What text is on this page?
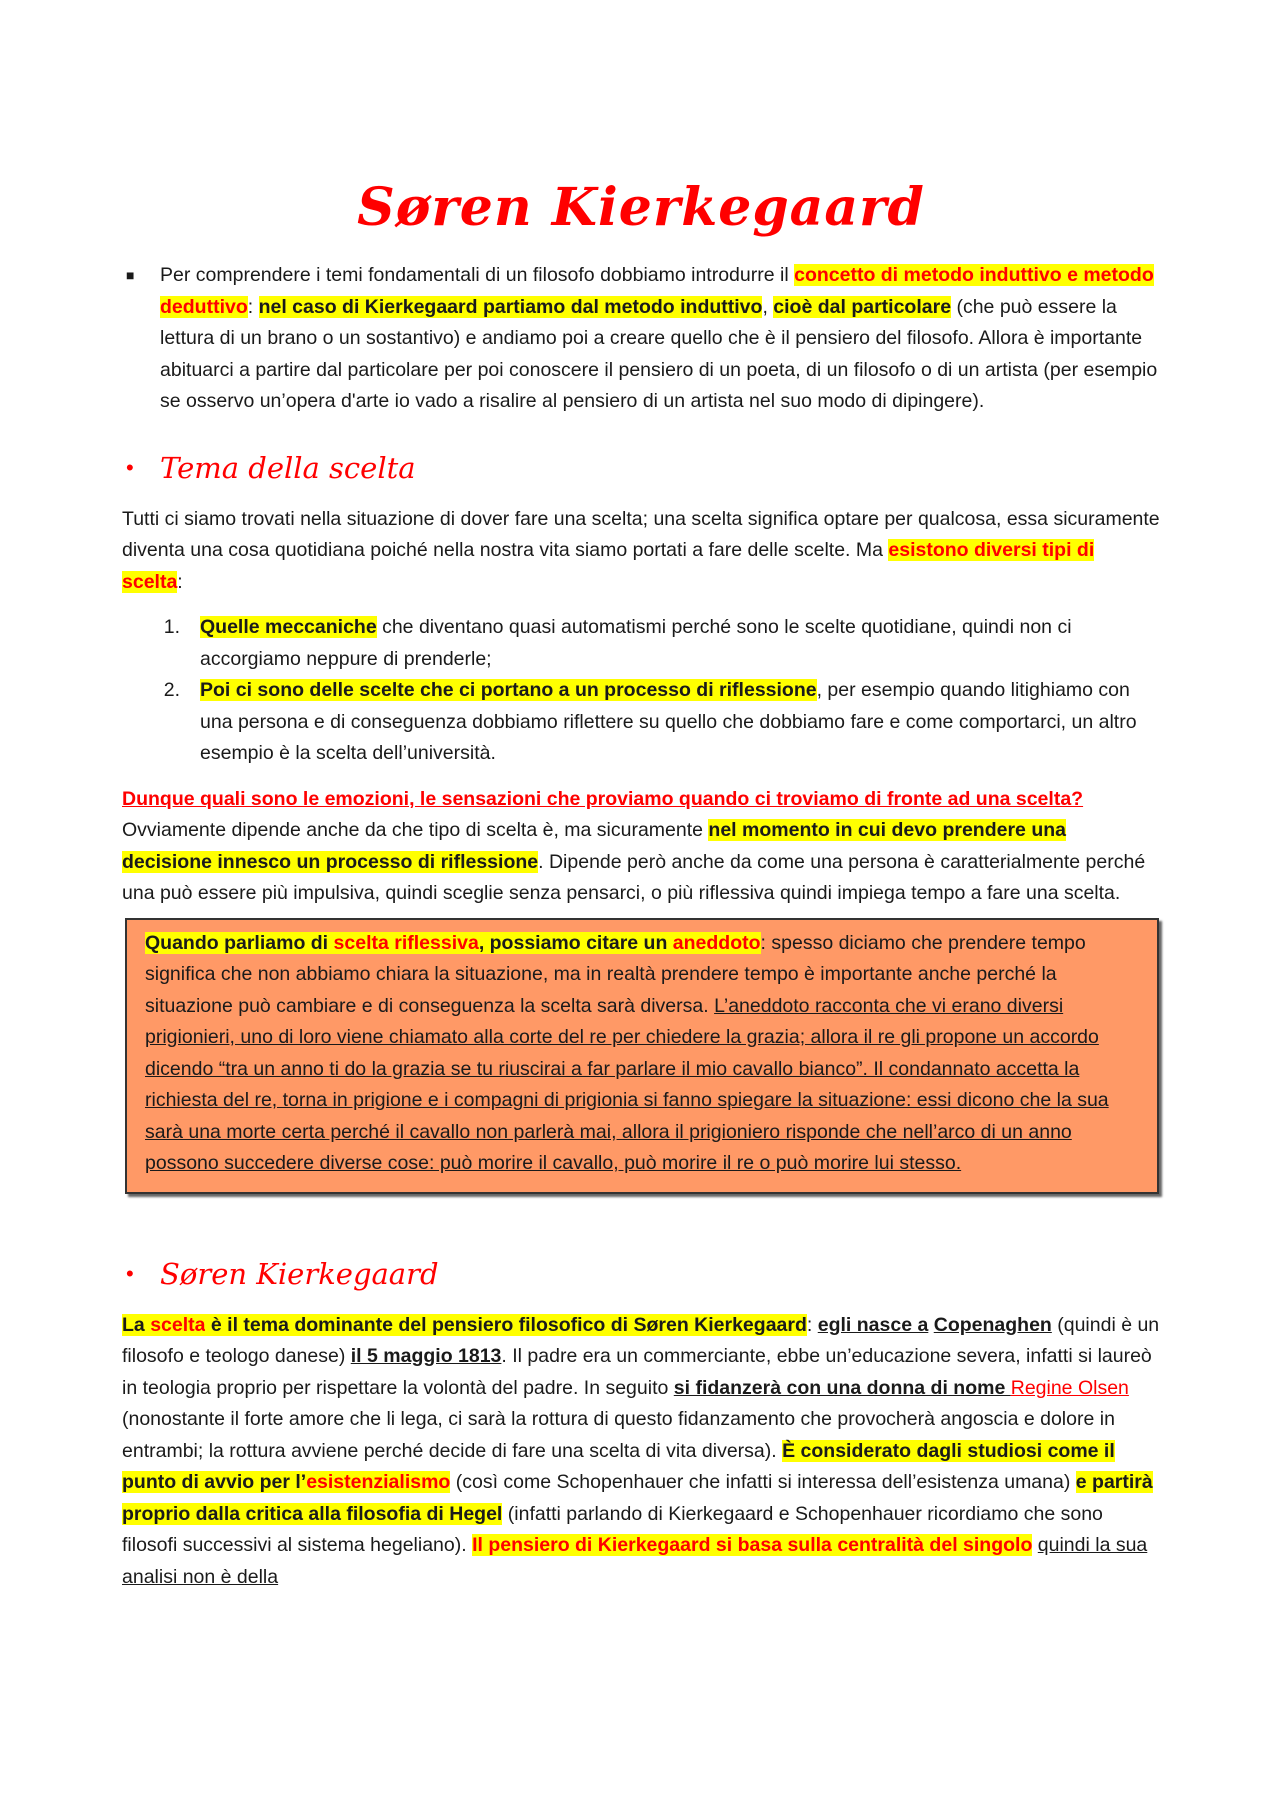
Søren Kierkegaard
■	Per comprendere i temi fondamentali di un filosofo dobbiamo introdurre il concetto di metodo induttivo e metodo deduttivo: nel caso di Kierkegaard partiamo dal metodo induttivo, cioè dal particolare (che può essere la lettura di un brano o un sostantivo) e andiamo poi a creare quello che è il pensiero del filosofo. Allora è importante abituarci a partire dal particolare per poi conoscere il pensiero di un poeta, di un filosofo o di un artista (per esempio se osservo un’opera d'arte io vado a risalire al pensiero di un artista nel suo modo di dipingere).

• Tema della scelta

Tutti ci siamo trovati nella situazione di dover fare una scelta; una scelta significa optare per qualcosa, essa sicuramente diventa una cosa quotidiana poiché nella nostra vita siamo portati a fare delle scelte. Ma esistono diversi tipi di scelta:

1.	Quelle meccaniche che diventano quasi automatismi perché sono le scelte quotidiane, quindi non ci accorgiamo neppure di prenderle;
2.	Poi ci sono delle scelte che ci portano a un processo di riflessione, per esempio quando litighiamo con una persona e di conseguenza dobbiamo riflettere su quello che dobbiamo fare e come comportarci, un altro esempio è la scelta dell’università.

Dunque quali sono le emozioni, le sensazioni che proviamo quando ci troviamo di fronte ad una scelta?

Ovviamente dipende anche da che tipo di scelta è, ma sicuramente nel momento in cui devo prendere una decisione innesco un processo di riflessione. Dipende però anche da come una persona è caratterialmente perché una può essere più impulsiva, quindi sceglie senza pensarci, o più riflessiva quindi impiega tempo a fare una scelta.

Quando parliamo di scelta riflessiva, possiamo citare un aneddoto: spesso diciamo che prendere tempo significa che non abbiamo chiara la situazione, ma in realtà prendere tempo è importante anche perché la situazione può cambiare e di conseguenza la scelta sarà diversa. L’aneddoto racconta che vi erano diversi prigionieri, uno di loro viene chiamato alla corte del re per chiedere la grazia; allora il re gli propone un accordo dicendo “tra un anno ti do la grazia se tu riuscirai a far parlare il mio cavallo bianco”. Il condannato accetta la richiesta del re, torna in prigione e i compagni di prigionia si fanno spiegare la situazione: essi dicono che la sua sarà una morte certa perché il cavallo non parlerà mai, allora il prigioniero risponde che nell’arco di un anno possono succedere diverse cose: può morire il cavallo, può morire il re o può morire lui stesso.

• Søren Kierkegaard

La scelta è il tema dominante del pensiero filosofico di Søren Kierkegaard: egli nasce a Copenaghen (quindi è un filosofo e teologo danese) il 5 maggio 1813. Il padre era un commerciante, ebbe un’educazione severa, infatti si laureò in teologia proprio per rispettare la volontà del padre. In seguito si fidanzerà con una donna di nome Regine Olsen (nonostante il forte amore che li lega, ci sarà la rottura di questo fidanzamento che provocherà angoscia e dolore in entrambi; la rottura avviene perché decide di fare una scelta di vita diversa). È considerato dagli studiosi come il punto di avvio per l’esistenzialismo (così come Schopenhauer che infatti si interessa dell’esistenza umana) e partirà proprio dalla critica alla filosofia di Hegel (infatti parlando di Kierkegaard e Schopenhauer ricordiamo che sono filosofi successivi al sistema hegeliano). Il pensiero di Kierkegaard si basa sulla centralità del singolo quindi la sua analisi non è della
